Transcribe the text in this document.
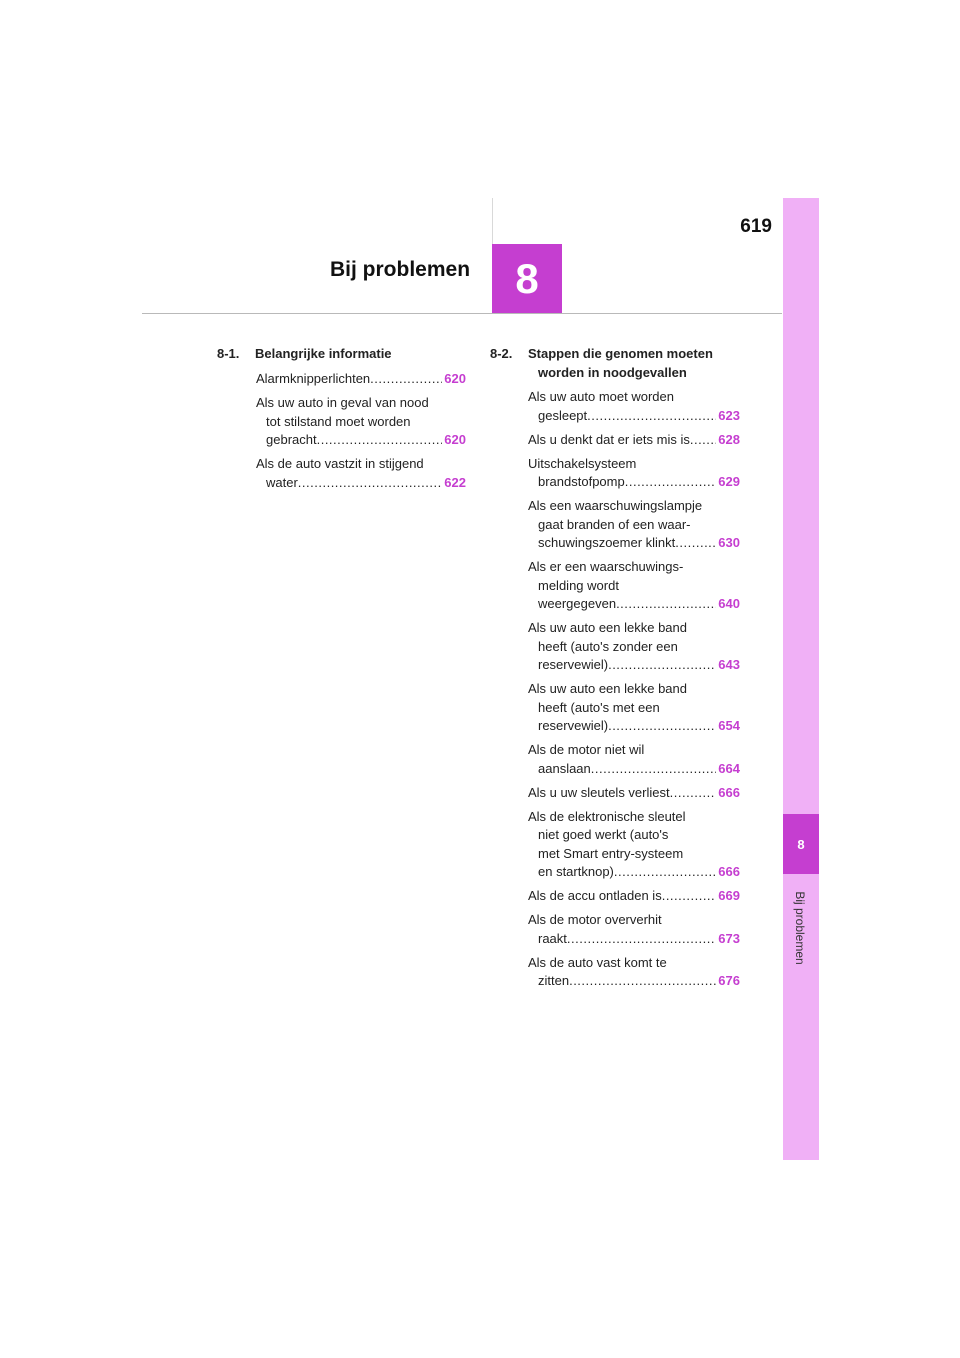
8
Bij problemen
619
Bij problemen	8
8-1. Belangrijke informatie
Alarmknipperlichten .....	620
Als uw auto in geval van nood
tot stilstand moet worden
gebracht .....	620
Als de auto vastzit in stijgend
water .....	622
8-2. Stappen die genomen moeten
worden in noodgevallen
Als uw auto moet worden
gesleept .....	623
Als u denkt dat er iets mis is ..... 628
Uitschakelsysteem
brandstofpomp .....	629
Als een waarschuwingslampje
gaat branden of een waar-
schuwingszoemer klinkt .....	630
Als er een waarschuwings-
melding wordt
weergegeven .....	640
Als uw auto een lekke band
heeft (auto's zonder een
reservewiel) .....	643
Als uw auto een lekke band
heeft (auto's met een
reservewiel) .....	654
Als de motor niet wil
aanslaan .....	664
Als u uw sleutels verliest .....	666
Als de elektronische sleutel
niet goed werkt (auto's
met Smart entry-systeem
en startknop) .....	666
Als de accu ontladen is .....	669
Als de motor oververhit
raakt .....	673
Als de auto vast komt te
zitten .....	676
